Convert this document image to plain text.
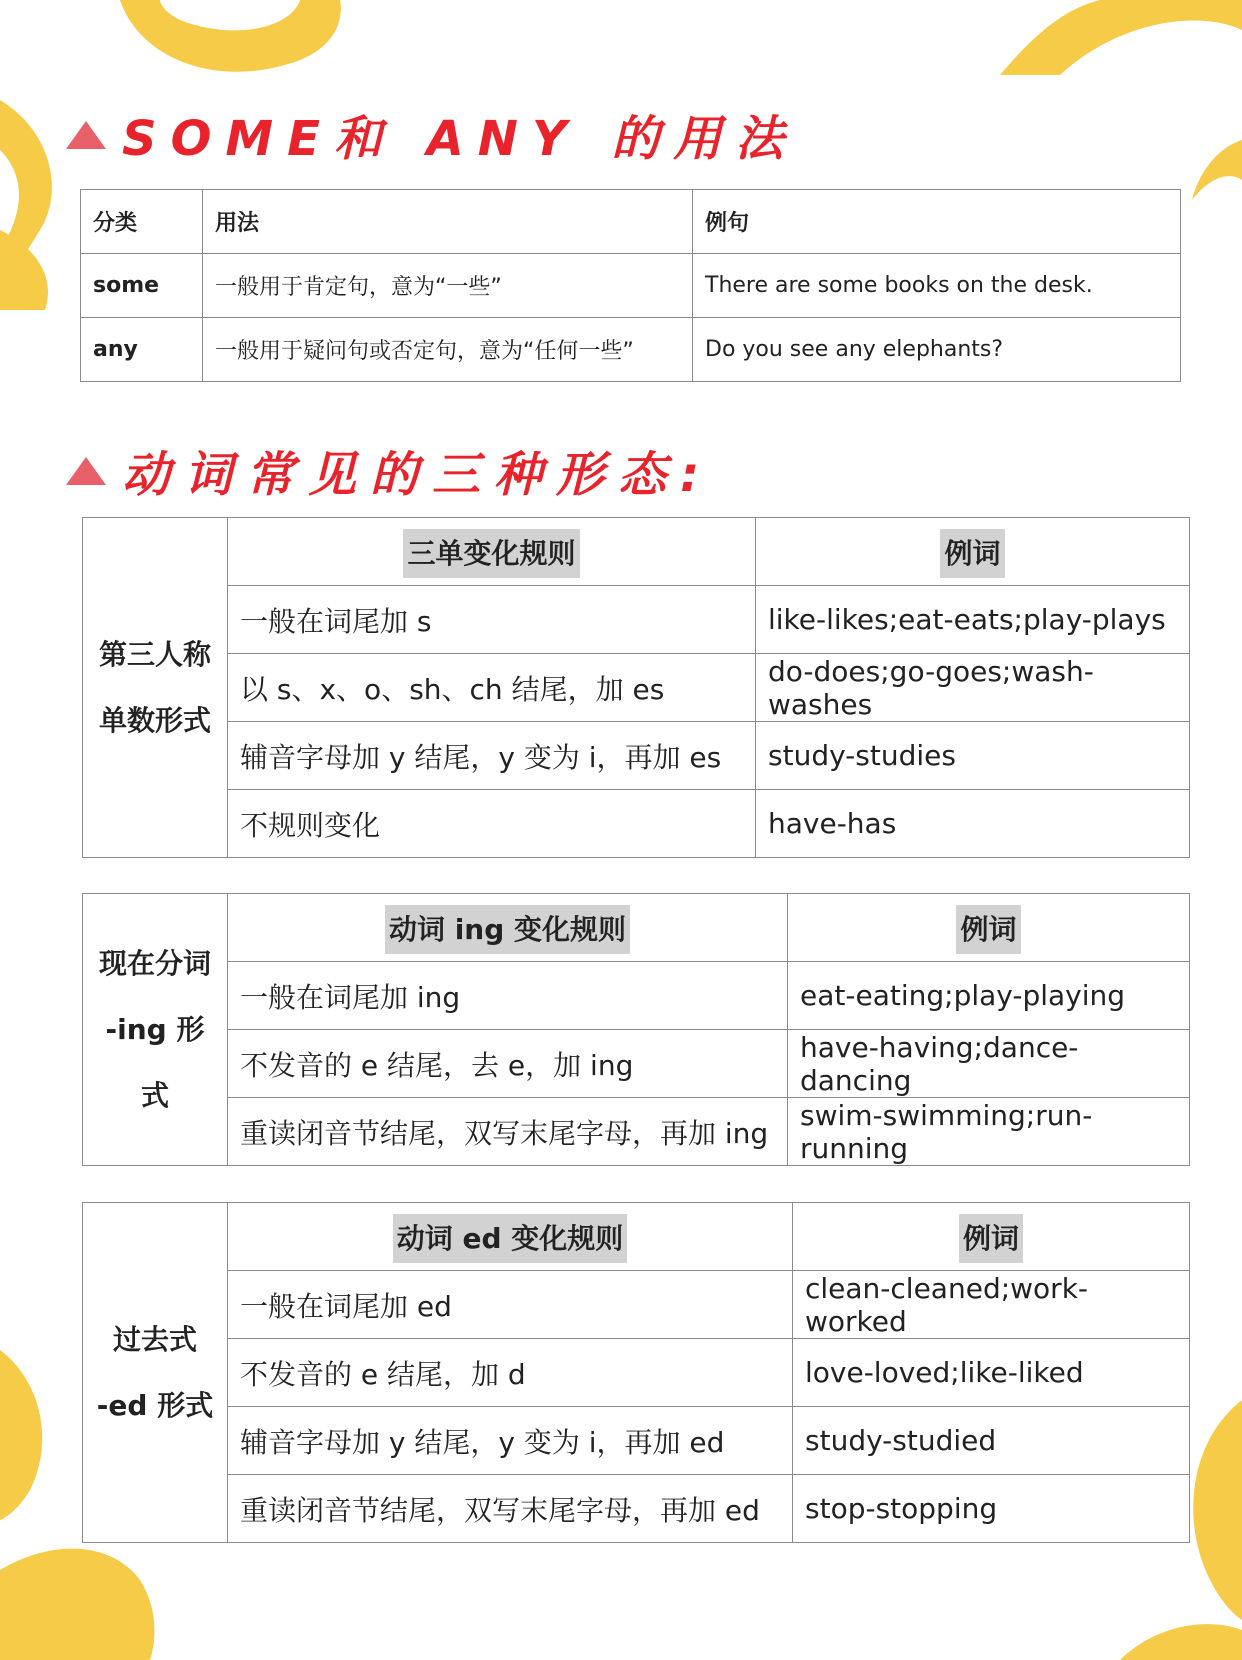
SOME和 ANY 的用法
分类	用法	例句
some	一般用于肯定句，意为“一些”	There are some books on the desk.
any	一般用于疑问句或否定句，意为“任何一些”	Do you see any elephants?
动词常见的三种形态:
第三人称
单数形式	三单变化规则	例词
	一般在词尾加 s	like-likes;eat-eats;play-plays
	以 s、x、o、sh、ch 结尾，加 es	do-does;go-goes;wash-washes
	辅音字母加 y 结尾，y 变为 i，再加 es	study-studies
	不规则变化	have-has
现在分词
-ing 形式	动词 ing 变化规则	例词
	一般在词尾加 ing	eat-eating;play-playing
	不发音的 e 结尾，去 e，加 ing	have-having;dance-dancing
	重读闭音节结尾，双写末尾字母，再加 ing	swim-swimming;run-running
过去式
-ed 形式	动词 ed 变化规则	例词
	一般在词尾加 ed	clean-cleaned;work-worked
	不发音的 e 结尾，加 d	love-loved;like-liked
	辅音字母加 y 结尾，y 变为 i，再加 ed	study-studied
	重读闭音节结尾，双写末尾字母，再加 ed	stop-stopping
